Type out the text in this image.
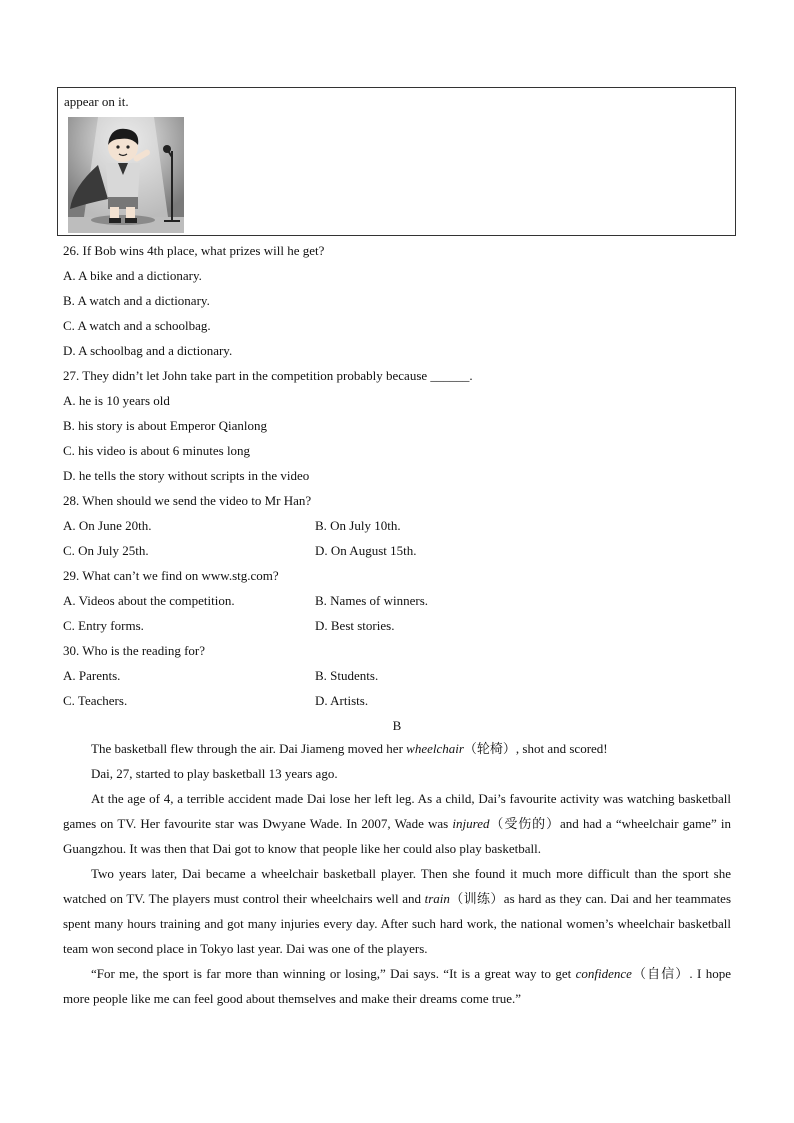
appear on it.
26. If Bob wins 4th place, what prizes will he get?
A. A bike and a dictionary.
B. A watch and a dictionary.
C. A watch and a schoolbag.
D. A schoolbag and a dictionary.
27. They didn’t let John take part in the competition probably because ______.
A. he is 10 years old
B. his story is about Emperor Qianlong
C. his video is about 6 minutes long
D. he tells the story without scripts in the video
28. When should we send the video to Mr Han?
A. On June 20th.	B. On July 10th.
C. On July 25th.	D. On August 15th.
29. What can’t we find on www.stg.com?
A. Videos about the competition.	B. Names of winners.
C. Entry forms.	D. Best stories.
30. Who is the reading for?
A. Parents.	B. Students.
C. Teachers.	D. Artists.
B
The basketball flew through the air. Dai Jiameng moved her wheelchair（轮椅）, shot and scored!
Dai, 27, started to play basketball 13 years ago.
At the age of 4, a terrible accident made Dai lose her left leg. As a child, Dai’s favourite activity was watching basketball games on TV. Her favourite star was Dwyane Wade. In 2007, Wade was injured（受伤的）and had a “wheelchair game” in Guangzhou. It was then that Dai got to know that people like her could also play basketball.
Two years later, Dai became a wheelchair basketball player. Then she found it much more difficult than the sport she watched on TV. The players must control their wheelchairs well and train（训练）as hard as they can. Dai and her teammates spent many hours training and got many injuries every day. After such hard work, the national women’s wheelchair basketball team won second place in Tokyo last year. Dai was one of the players.
“For me, the sport is far more than winning or losing,” Dai says. “It is a great way to get confidence（自信）. I hope more people like me can feel good about themselves and make their dreams come true.”
